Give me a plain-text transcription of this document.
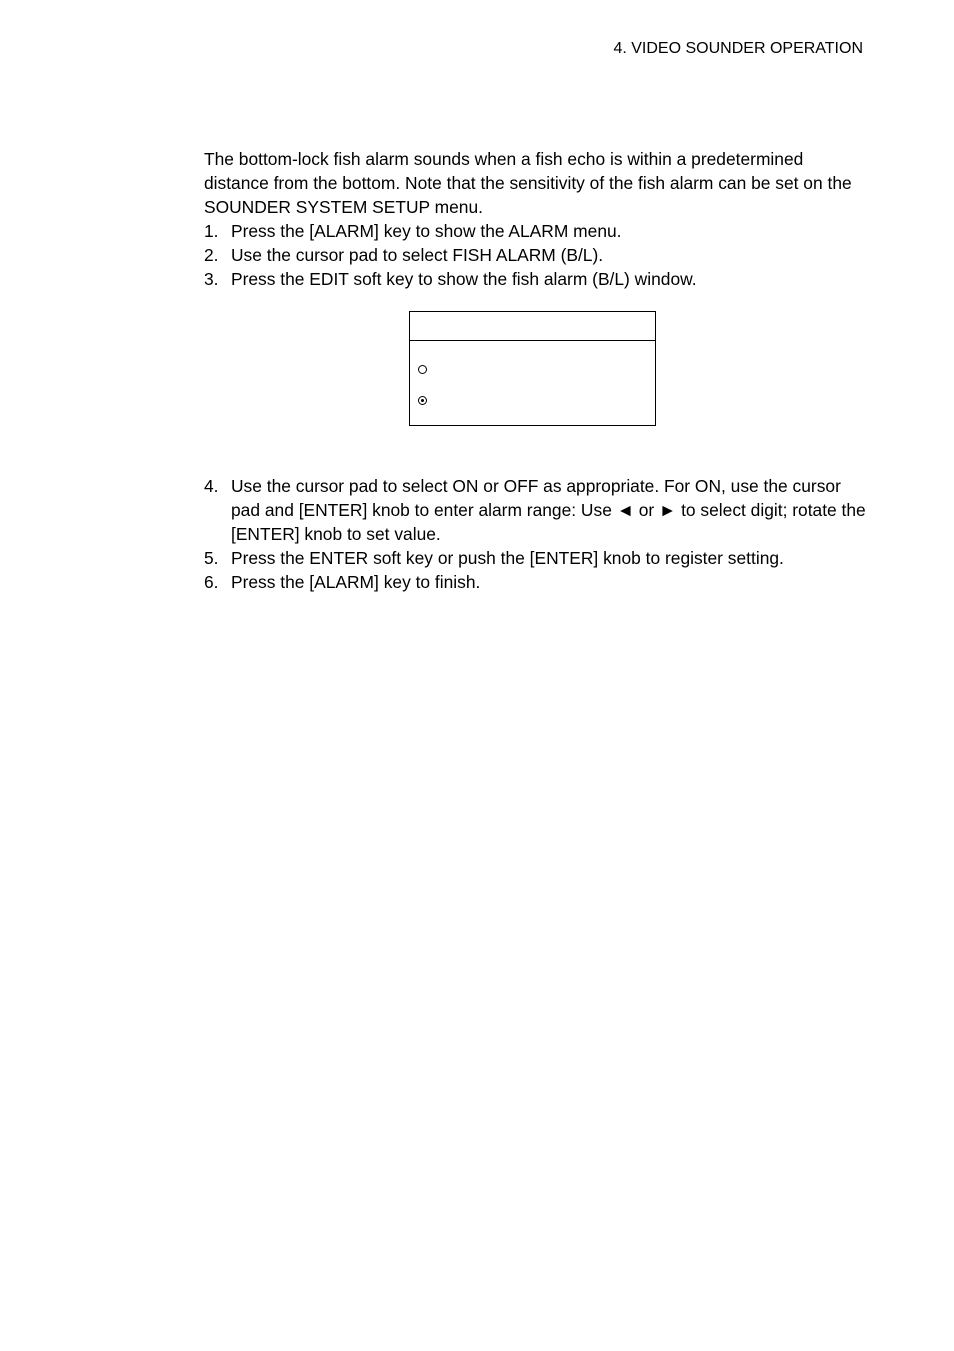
4. VIDEO SOUNDER OPERATION

The bottom-lock fish alarm sounds when a fish echo is within a predetermined distance from the bottom. Note that the sensitivity of the fish alarm can be set on the SOUNDER SYSTEM SETUP menu.

1. Press the [ALARM] key to show the ALARM menu.
2. Use the cursor pad to select FISH ALARM (B/L).
3. Press the EDIT soft key to show the fish alarm (B/L) window.
4. Use the cursor pad to select ON or OFF as appropriate. For ON, use the cursor pad and [ENTER] knob to enter alarm range: Use ◄ or ► to select digit; rotate the [ENTER] knob to set value.
5. Press the ENTER soft key or push the [ENTER] knob to register setting.
6. Press the [ALARM] key to finish.
